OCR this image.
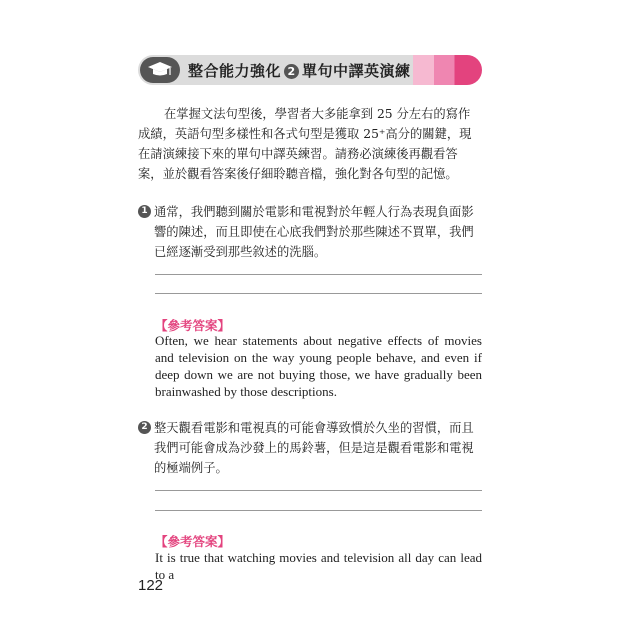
整合能力強化 2 單句中譯英演練
在掌握文法句型後，學習者大多能拿到 25 分左右的寫作成績，英語句型多樣性和各式句型是獲取 25⁺高分的關鍵，現在請演練接下來的單句中譯英練習。請務必演練後再觀看答案，並於觀看答案後仔細聆聽音檔，強化對各句型的記憶。
1 通常，我們聽到關於電影和電視對於年輕人行為表現負面影響的陳述，而且即使在心底我們對於那些陳述不買單，我們已經逐漸受到那些敘述的洗腦。
【參考答案】
Often, we hear statements about negative effects of movies and television on the way young people behave, and even if deep down we are not buying those, we have gradually been brainwashed by those descriptions.
2 整天觀看電影和電視真的可能會導致慣於久坐的習慣，而且我們可能會成為沙發上的馬鈴薯，但是這是觀看電影和電視的極端例子。
【參考答案】
It is true that watching movies and television all day can lead to a
122
